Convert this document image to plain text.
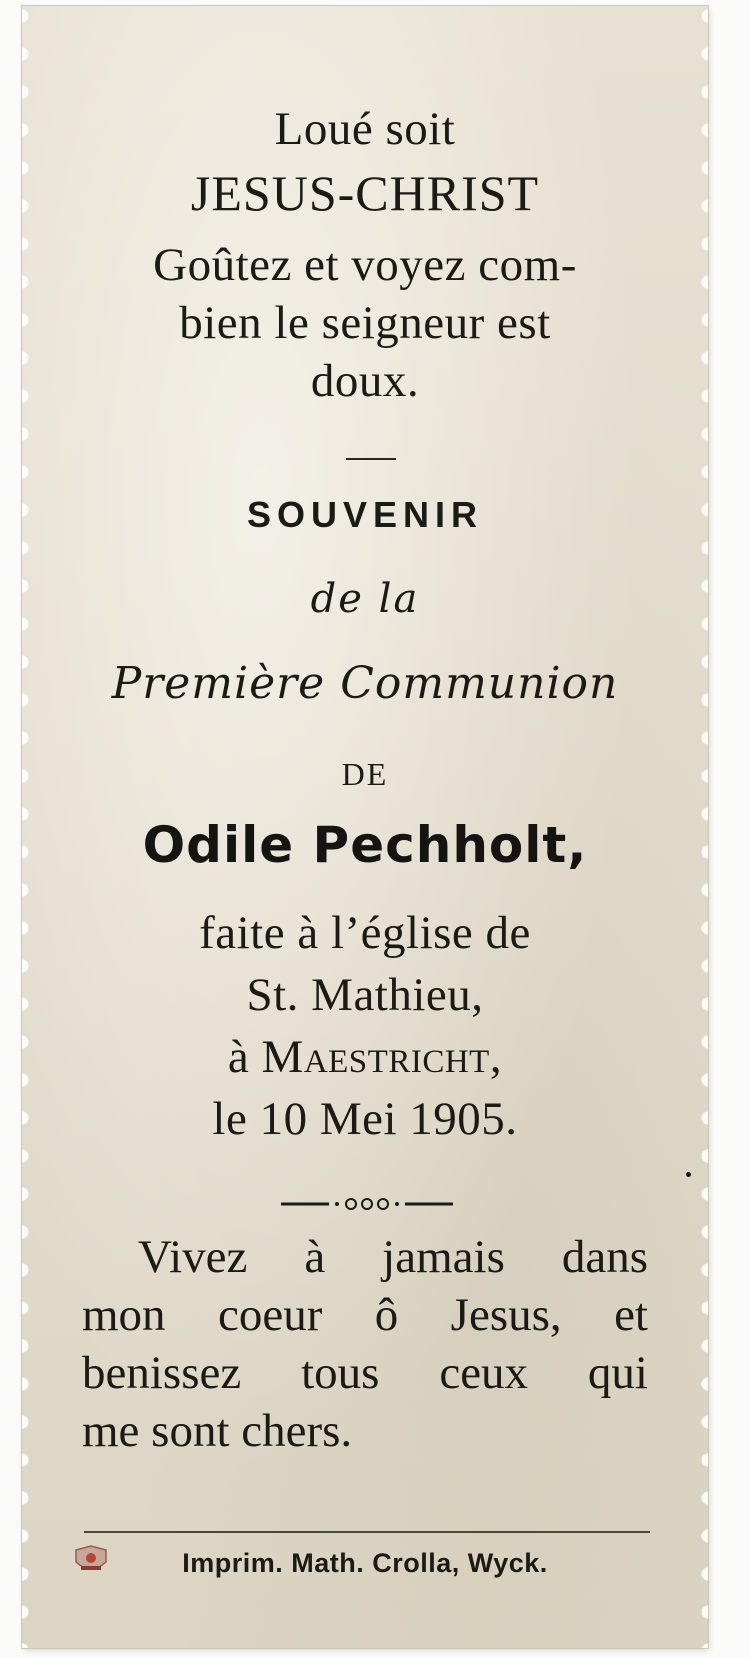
Loué soit

JESUS-CHRIST

Goûtez et voyez com-

bien le seigneur est

doux.

SOUVENIR

de la

Première Communion

DE

Odile Pechholt,

faite à l’église de

St. Mathieu,

à Maestricht,

le 10 Mei 1905.

Vivez à jamais dans

mon coeur ô Jesus, et

benissez tous ceux qui

me sont chers.

Imprim. Math. Crolla, Wyck.
